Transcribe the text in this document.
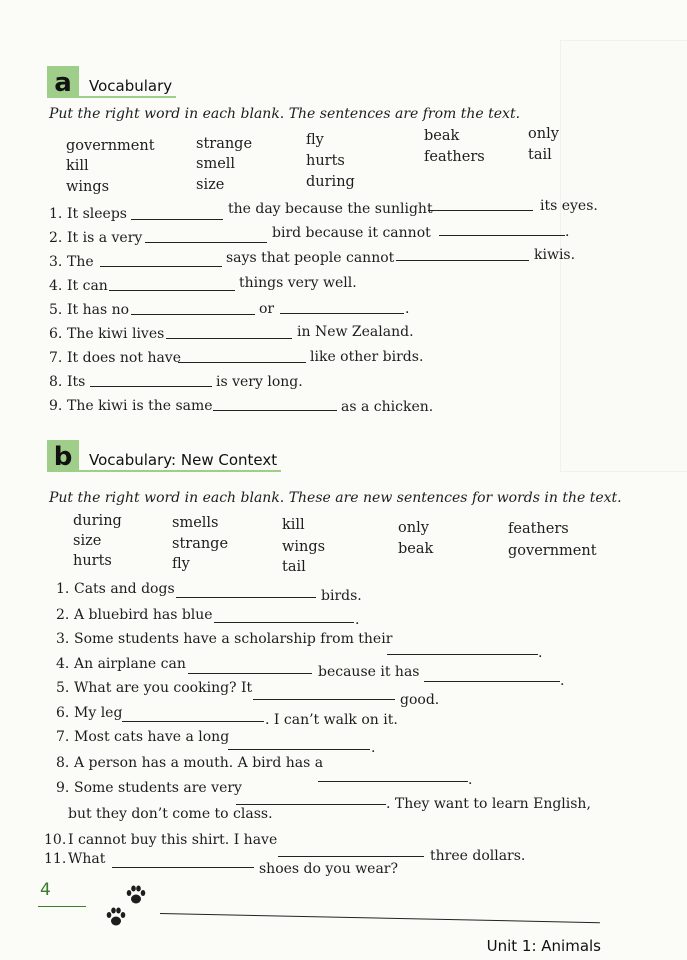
a	Vocabulary
Put the right word in each blank. The sentences are from the text.
government
kill
wings
strange
smell
size
fly
hurts
during
beak
feathers
only
tail
1. It sleeps	the day because the sunlight	its eyes.
2. It is a very	bird because it cannot	.
3. The	says that people cannot	kiwis.
4. It can	things very well.
5. It has no	or	.
6. The kiwi lives	in New Zealand.
7. It does not have	like other birds.
8. Its	is very long.
9. The kiwi is the same	as a chicken.
b	Vocabulary: New Context
Put the right word in each blank. These are new sentences for words in the text.
during
size
hurts
smells
strange
fly
kill
wings
tail
only
beak
feathers
government
1. Cats and dogs	birds.
2. A bluebird has blue	.
3. Some students have a scholarship from their
.
4. An airplane can	because it has
.
5. What are you cooking? It
good.
6. My leg	. I can’t walk on it.
7. Most cats have a long
.
8. A person has a mouth. A bird has a
.
9. Some students are very
. They want to learn English,
but they don’t come to class.
10. I cannot buy this shirt. I have
three dollars.
11. What
shoes do you wear?
4
Unit 1: Animals
